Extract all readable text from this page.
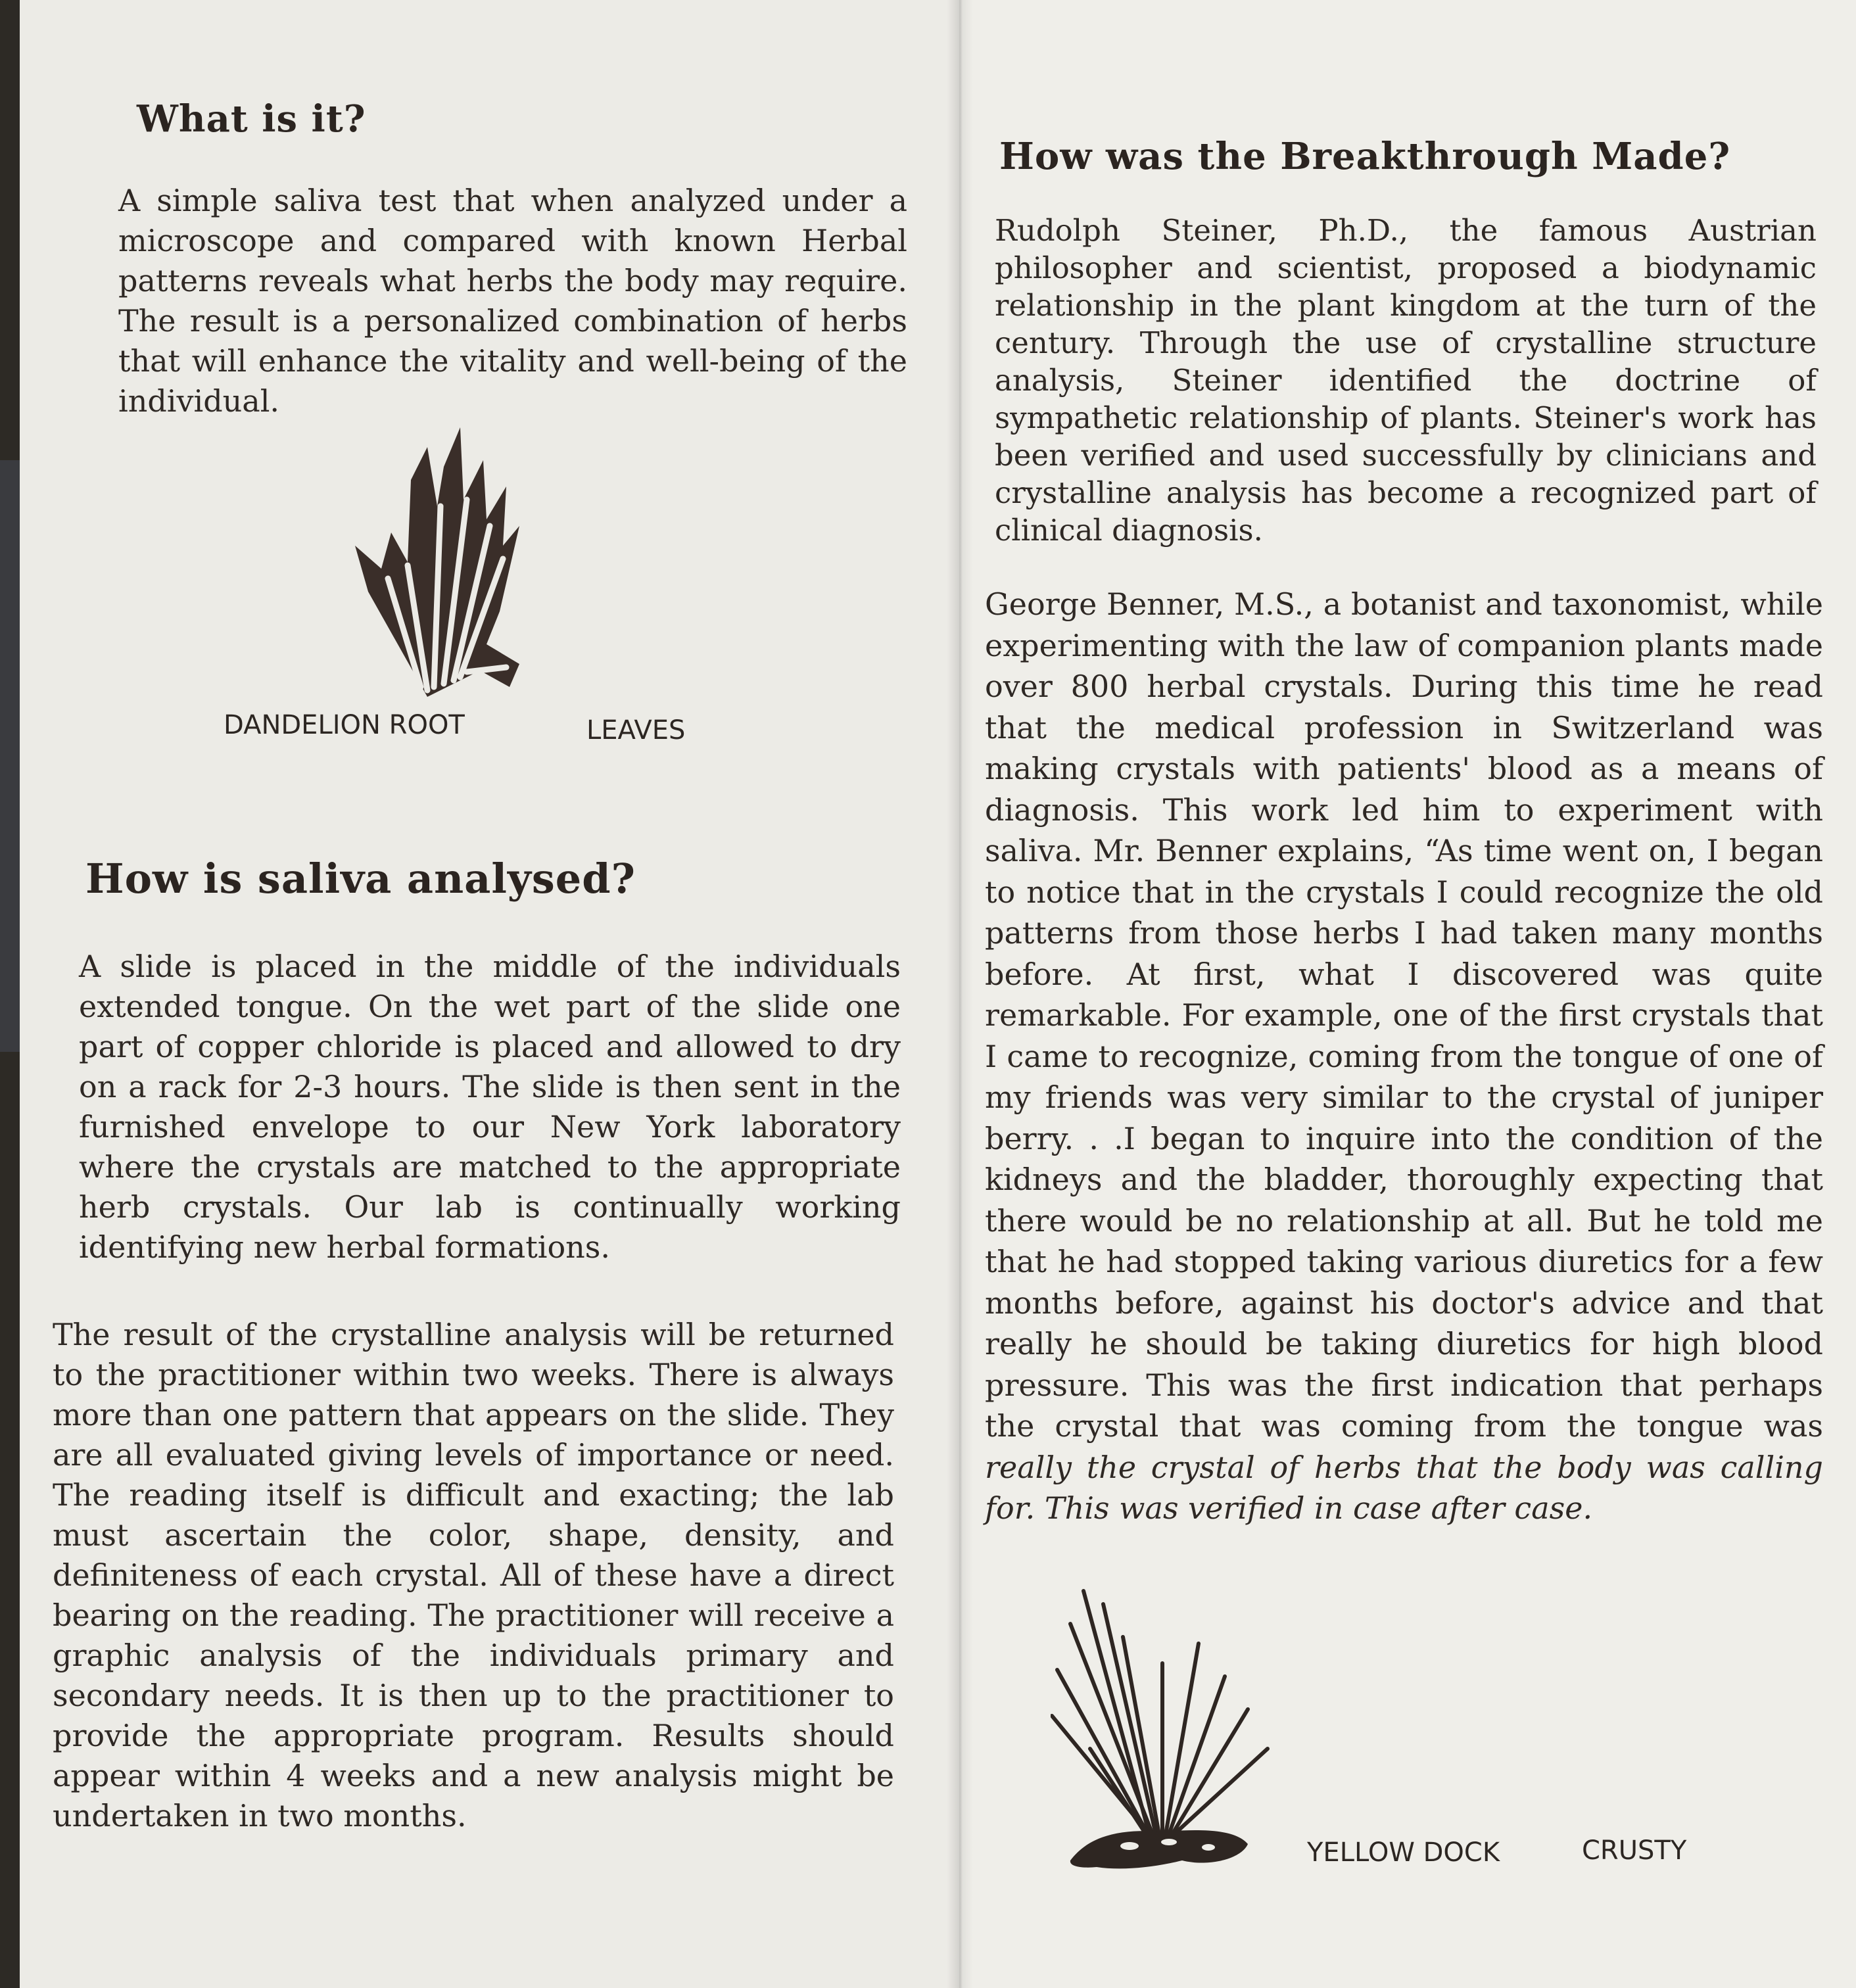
What is it?

A simple saliva test that when analyzed under a microscope and compared with known Herbal patterns reveals what herbs the body may require. The result is a personalized combination of herbs that will enhance the vitality and well-being of the individual.

DANDELION ROOT	LEAVES

How is saliva analysed?

A slide is placed in the middle of the individuals extended tongue. On the wet part of the slide one part of copper chloride is placed and allowed to dry on a rack for 2-3 hours. The slide is then sent in the furnished envelope to our New York laboratory where the crystals are matched to the appropriate herb crystals. Our lab is continually working identifying new herbal formations.

The result of the crystalline analysis will be returned to the practitioner within two weeks. There is always more than one pattern that appears on the slide. They are all evaluated giving levels of importance or need. The reading itself is difficult and exacting; the lab must ascertain the color, shape, density, and definiteness of each crystal. All of these have a direct bearing on the reading. The practitioner will receive a graphic analysis of the individuals primary and secondary needs. It is then up to the practitioner to provide the appropriate program. Results should appear within 4 weeks and a new analysis might be undertaken in two months.

How was the Breakthrough Made?

Rudolph Steiner, Ph.D., the famous Austrian philosopher and scientist, proposed a biodynamic relationship in the plant kingdom at the turn of the century. Through the use of crystalline structure analysis, Steiner identified the doctrine of sympathetic relationship of plants. Steiner's work has been verified and used successfully by clinicians and crystalline analysis has become a recognized part of clinical diagnosis.

George Benner, M.S., a botanist and taxonomist, while experimenting with the law of companion plants made over 800 herbal crystals. During this time he read that the medical profession in Switzerland was making crystals with patients' blood as a means of diagnosis. This work led him to experiment with saliva. Mr. Benner explains, “As time went on, I began to notice that in the crystals I could recognize the old patterns from those herbs I had taken many months before. At first, what I discovered was quite remarkable. For example, one of the first crystals that I came to recognize, coming from the tongue of one of my friends was very similar to the crystal of juniper berry. . .I began to inquire into the condition of the kidneys and the bladder, thoroughly expecting that there would be no relationship at all. But he told me that he had stopped taking various diuretics for a few months before, against his doctor's advice and that really he should be taking diuretics for high blood pressure. This was the first indication that perhaps the crystal that was coming from the tongue was really the crystal of herbs that the body was calling for. This was verified in case after case.

YELLOW DOCK	CRUSTY
